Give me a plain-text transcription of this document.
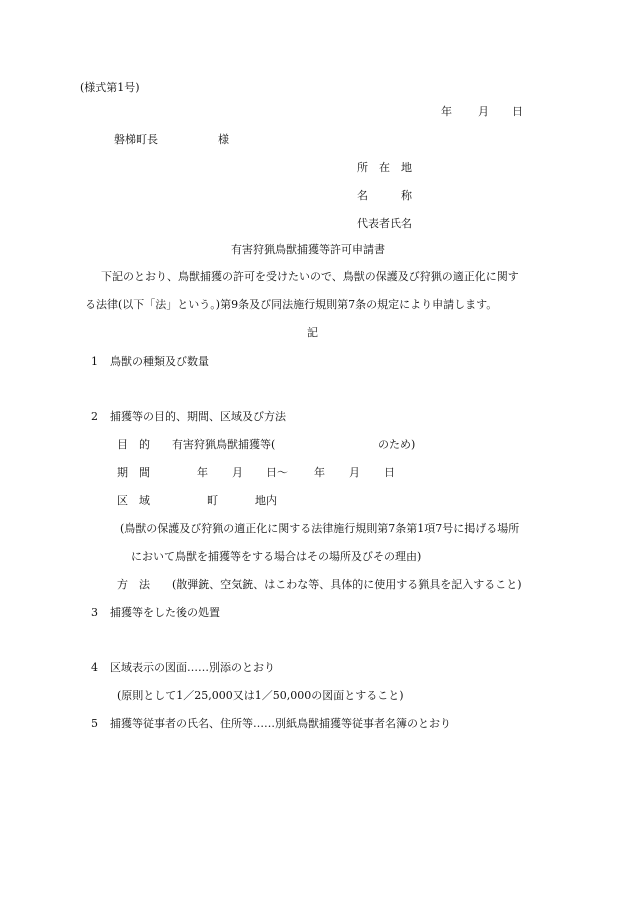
(様式第1号)
年 月 日
磐梯町長	様
所　在　地
名　　　称
代表者氏名
有害狩猟鳥獣捕獲等許可申請書
下記のとおり、鳥獣捕獲の許可を受けたいので、鳥獣の保護及び狩猟の適正化に関す
る法律(以下「法」という。)第9条及び同法施行規則第7条の規定により申請します。
記
1 鳥獣の種類及び数量
2 捕獲等の目的、期間、区域及び方法
目　的 有害狩猟鳥獣捕獲等(	のため)
期　間	年 月 日～ 年 月 日
区　域	町	地内
(鳥獣の保護及び狩猟の適正化に関する法律施行規則第7条第1項7号に掲げる場所
において鳥獣を捕獲等をする場合はその場所及びその理由)
方　法 (散弾銃、空気銃、はこわな等、具体的に使用する猟具を記入すること)
3 捕獲等をした後の処置
4 区域表示の図面……別添のとおり
(原則として1／25,000又は1／50,000の図面とすること)
5 捕獲等従事者の氏名、住所等……別紙鳥獣捕獲等従事者名簿のとおり
